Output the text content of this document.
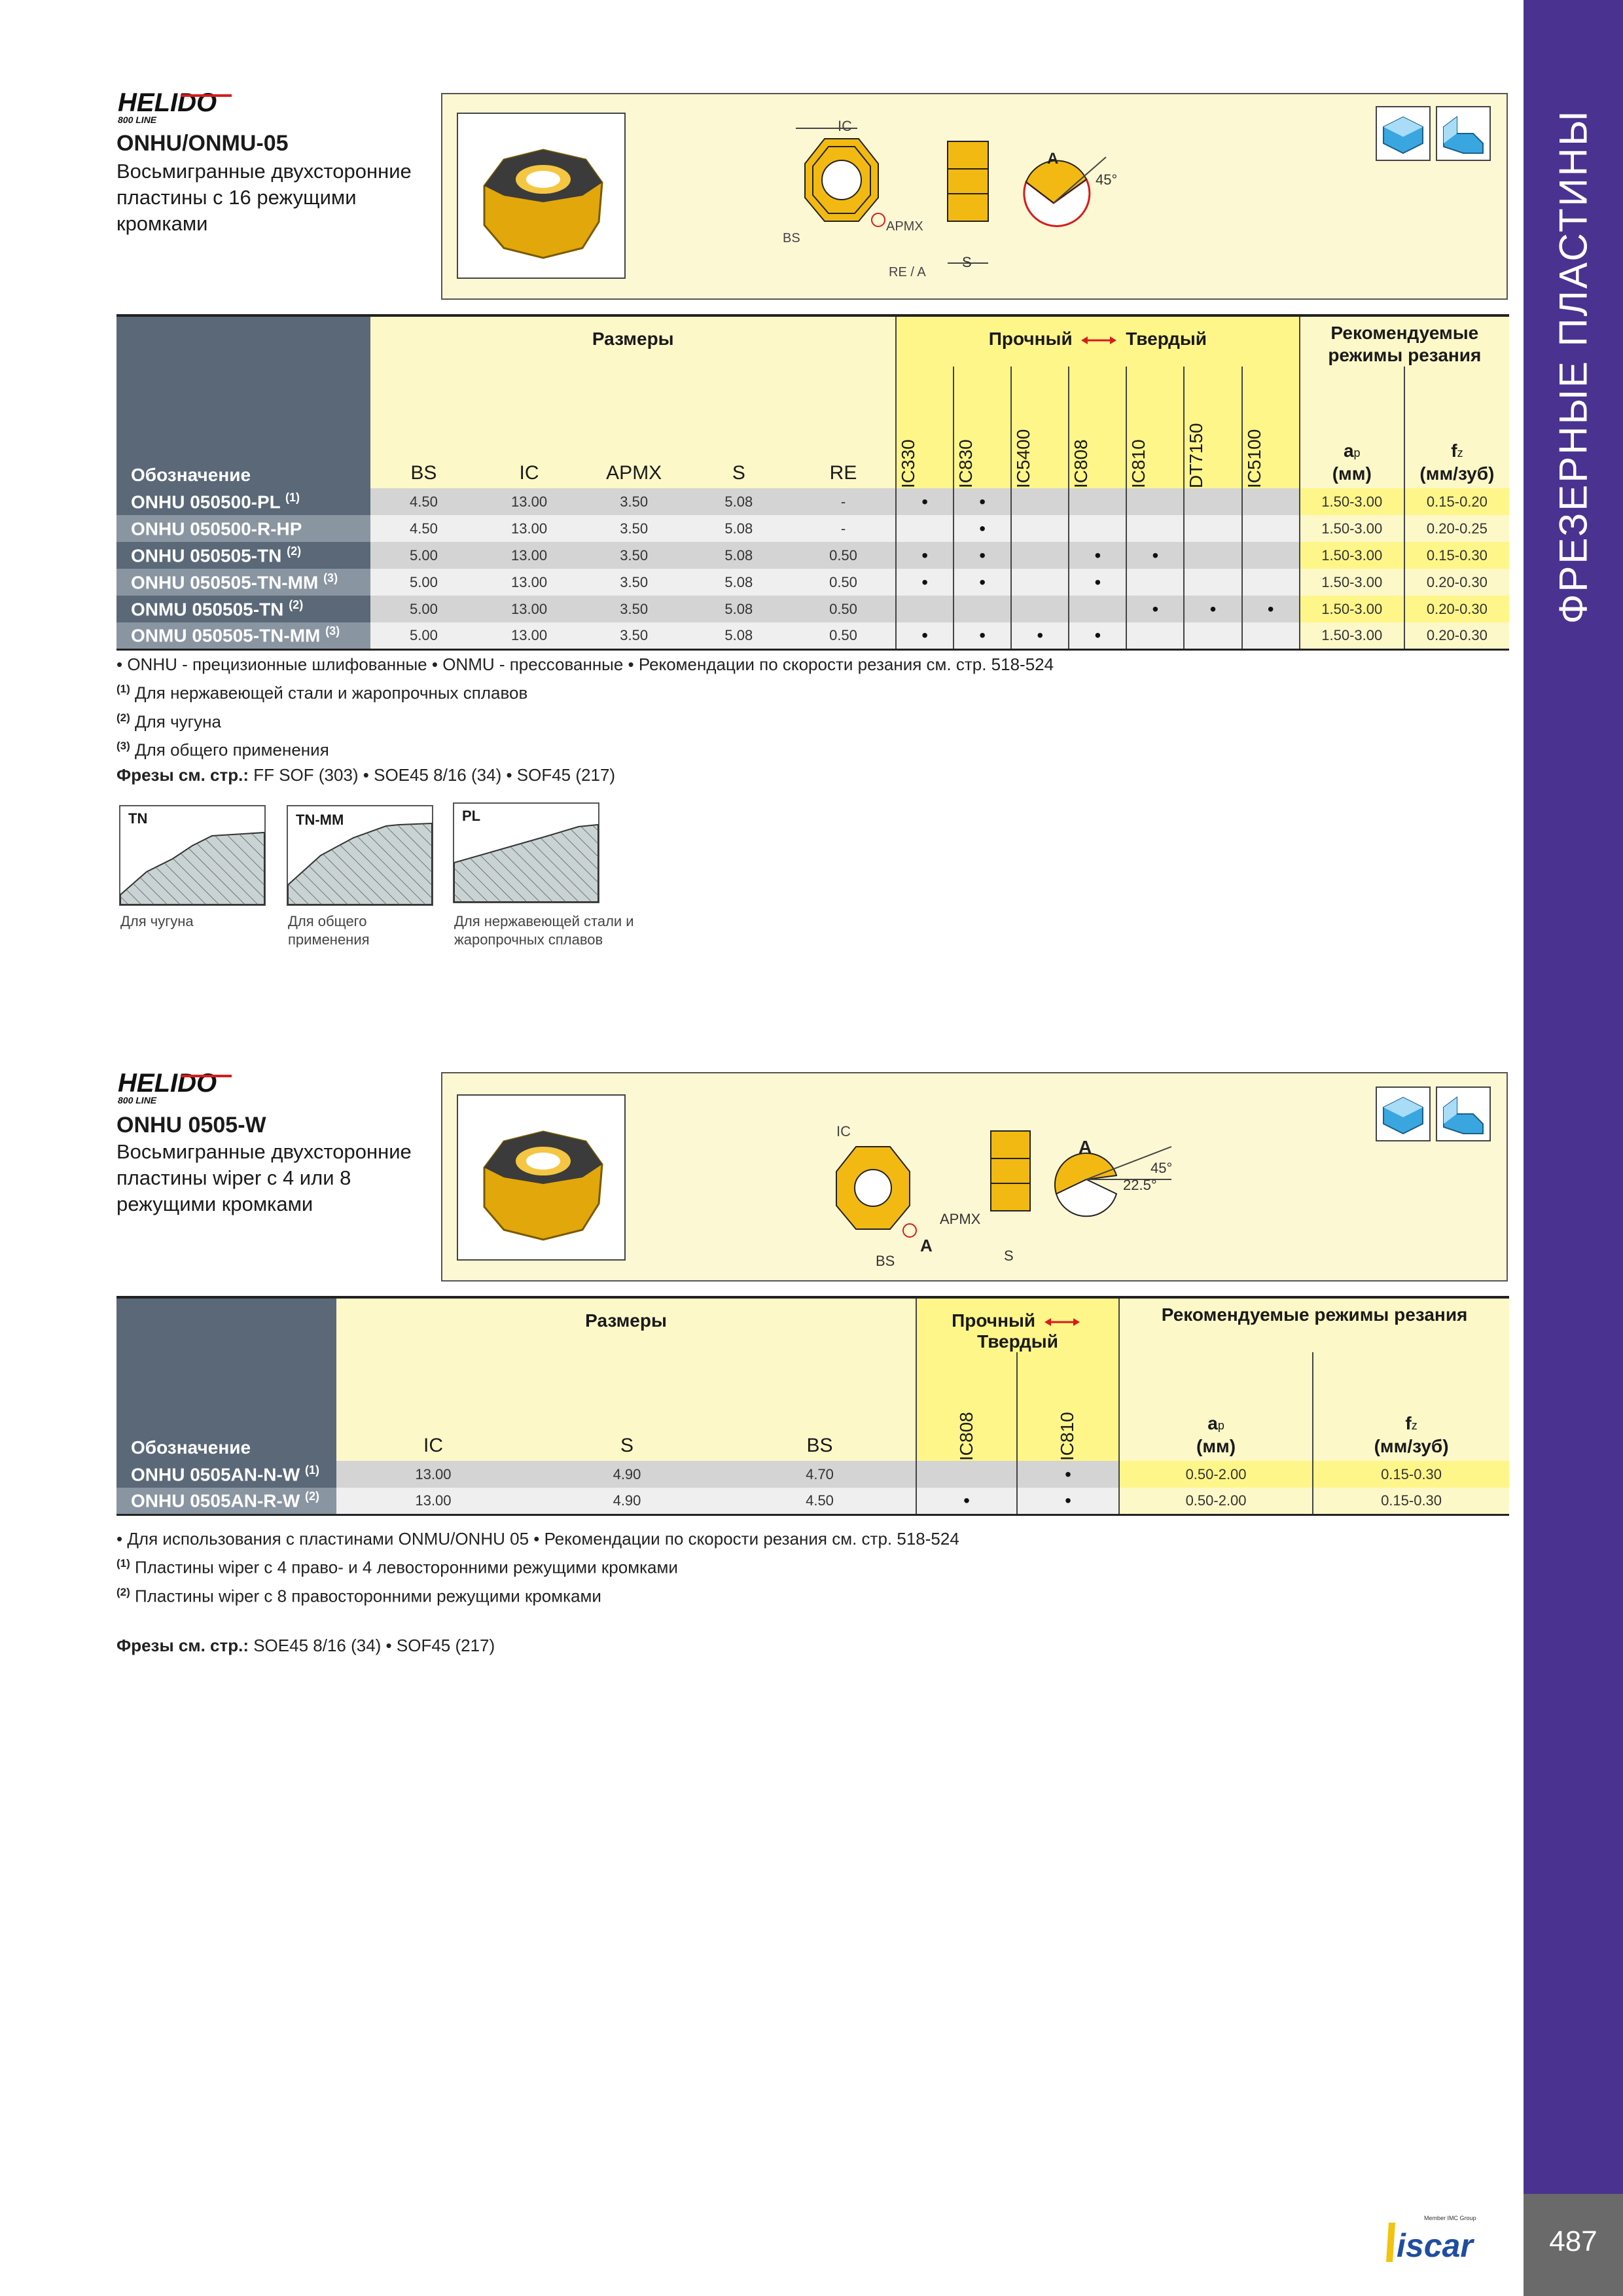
ФРЕЗЕРНЫЕ ПЛАСТИНЫ
487
Member IMC Group
iscar
HELIDO
800 LINE
ONHU/ONMU-05
Восьмигранные двухсторонние пластины с 16 режущими кромками
IC
BS
APMX
RE / A
S
A
45°
Обозначение	Размеры					Прочный Твердый							Рекомендуемые режимы резания	
	BS	IC	APMX	S	RE	IC330	IC830	IC5400	IC808	IC810	DT7150	IC5100	ap
(мм)	fz
(мм/зуб)
ONHU 050500-PL $^{(1)}$	4.50	13.00	3.50	5.08	-	•	•						1.50-3.00	0.15-0.20
ONHU 050500-R-HP	4.50	13.00	3.50	5.08	-		•						1.50-3.00	0.20-0.25
ONHU 050505-TN $^{(2)}$	5.00	13.00	3.50	5.08	0.50	•	•		•	•			1.50-3.00	0.15-0.30
ONHU 050505-TN-MM $^{(3)}$	5.00	13.00	3.50	5.08	0.50	•	•		•				1.50-3.00	0.20-0.30
ONMU 050505-TN $^{(2)}$	5.00	13.00	3.50	5.08	0.50					•	•	•	1.50-3.00	0.20-0.30
ONMU 050505-TN-MM $^{(3)}$	5.00	13.00	3.50	5.08	0.50	•	•	•	•				1.50-3.00	0.20-0.30
• ONHU - прецизионные шлифованные • ONMU - прессованные • Рекомендации по скорости резания см. стр. 518-524
$^{(1)}$ Для нержавеющей стали и жаропрочных сплавов
$^{(2)}$ Для чугуна
$^{(3)}$ Для общего применения
Фрезы см. стр.: FF SOF (303) • SOE45 8/16 (34) • SOF45 (217)
TN
Для чугуна
TN-MM
Для общего применения
PL
Для нержавеющей стали и жаропрочных сплавов
HELIDO
800 LINE
ONHU 0505-W
Восьмигранные двухсторонние пластины wiper с 4 или 8 режущими кромками
IC
BS
APMX
A
S
A
45°
22.5°
Обозначение	Размеры			Прочный  Твердый		Рекомендуемые режимы резания	
	IC	S	BS	IC808	IC810	ap
(мм)	fz
(мм/зуб)
ONHU 0505AN-N-W $^{(1)}$	13.00	4.90	4.70		•	0.50-2.00	0.15-0.30
ONHU 0505AN-R-W $^{(2)}$	13.00	4.90	4.50	•	•	0.50-2.00	0.15-0.30
• Для использования с пластинами ONMU/ONHU 05 • Рекомендации по скорости резания см. стр. 518-524
$^{(1)}$ Пластины wiper с 4 право- и 4 левосторонними режущими кромками
$^{(2)}$ Пластины wiper с 8 правосторонними режущими кромками
Фрезы см. стр.: SOE45 8/16 (34) • SOF45 (217)
